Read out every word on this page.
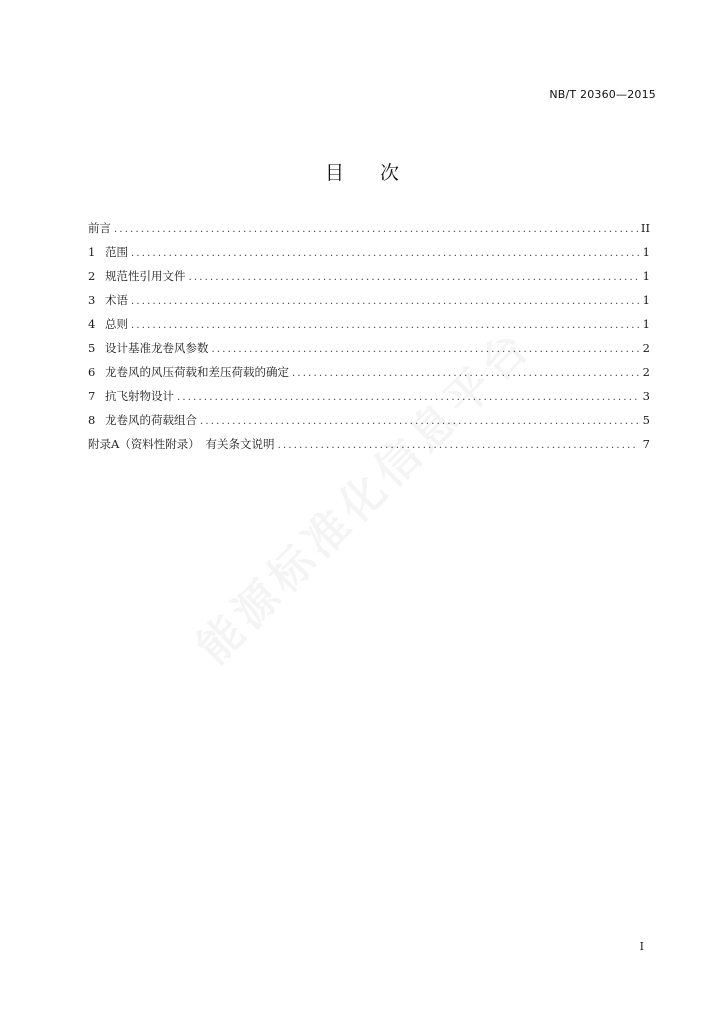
NB/T 20360—2015
目次
前言 .....	II
1 范围 .....	1
2 规范性引用文件 .....	1
3 术语 .....	1
4 总则 .....	1
5 设计基准龙卷风参数 .....	2
6 龙卷风的风压荷载和差压荷载的确定 .....	2
7 抗飞射物设计 .....	3
8 龙卷风的荷载组合 .....	5
附录A（资料性附录）　有关条文说明 .....	7
I
